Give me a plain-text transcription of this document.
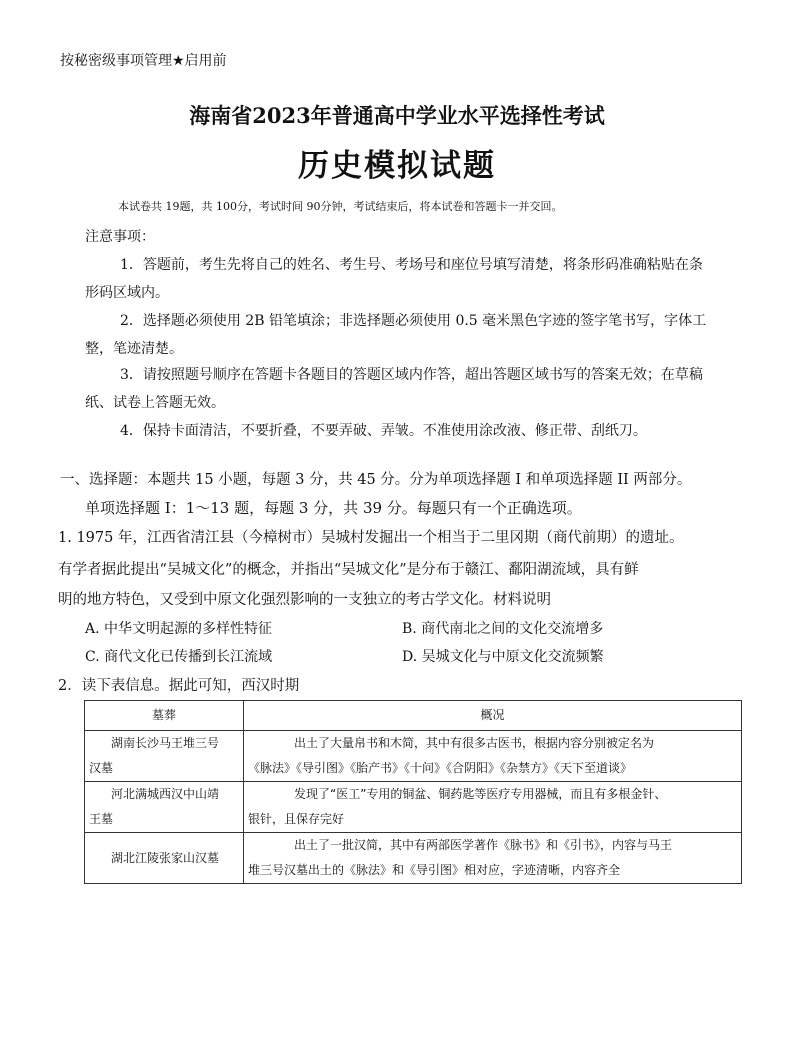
按秘密级事项管理★启用前
海南省2023年普通高中学业水平选择性考试
历史模拟试题
本试卷共 19题，共 100分，考试时间 90分钟，考试结束后，将本试卷和答题卡一并交回。
注意事项：
1．答题前，考生先将自己的姓名、考生号、考场号和座位号填写清楚，将条形码准确粘贴在条
形码区域内。
2．选择题必须使用 2B 铅笔填涂；非选择题必须使用 0.5 毫米黑色字迹的签字笔书写，字体工
整，笔迹清楚。
3．请按照题号顺序在答题卡各题目的答题区域内作答，超出答题区域书写的答案无效；在草稿
纸、试卷上答题无效。
4．保持卡面清洁，不要折叠，不要弄破、弄皱。不准使用涂改液、修正带、刮纸刀。
一、选择题：本题共 15 小题，每题 3 分，共 45 分。分为单项选择题 I 和单项选择题 II 两部分。
单项选择题 I：1～13 题，每题 3 分，共 39 分。每题只有一个正确选项。
1. 1975 年，江西省清江县（今樟树市）吴城村发掘出一个相当于二里冈期（商代前期）的遗址。
有学者据此提出“吴城文化”的概念，并指出“吴城文化”是分布于赣江、鄱阳湖流域，具有鲜
明的地方特色，又受到中原文化强烈影响的一支独立的考古学文化。材料说明
A. 中华文明起源的多样性特征	B. 商代南北之间的文化交流增多
C. 商代文化已传播到长江流域	D. 吴城文化与中原文化交流频繁
2．读下表信息。据此可知，西汉时期
墓葬	概况
湖南长沙马王堆三号
汉墓	出土了大量帛书和木简，其中有很多古医书，根据内容分别被定名为
《脉法》《导引图》《胎产书》《十问》《合阴阳》《杂禁方》《天下至道谈》
河北满城西汉中山靖
王墓	发现了“医工”专用的铜盆、铜药匙等医疗专用器械，而且有多根金针、
银针，且保存完好
湖北江陵张家山汉墓	出土了一批汉简，其中有两部医学著作《脉书》和《引书》，内容与马王
堆三号汉墓出土的《脉法》和《导引图》相对应，字迹清晰，内容齐全
